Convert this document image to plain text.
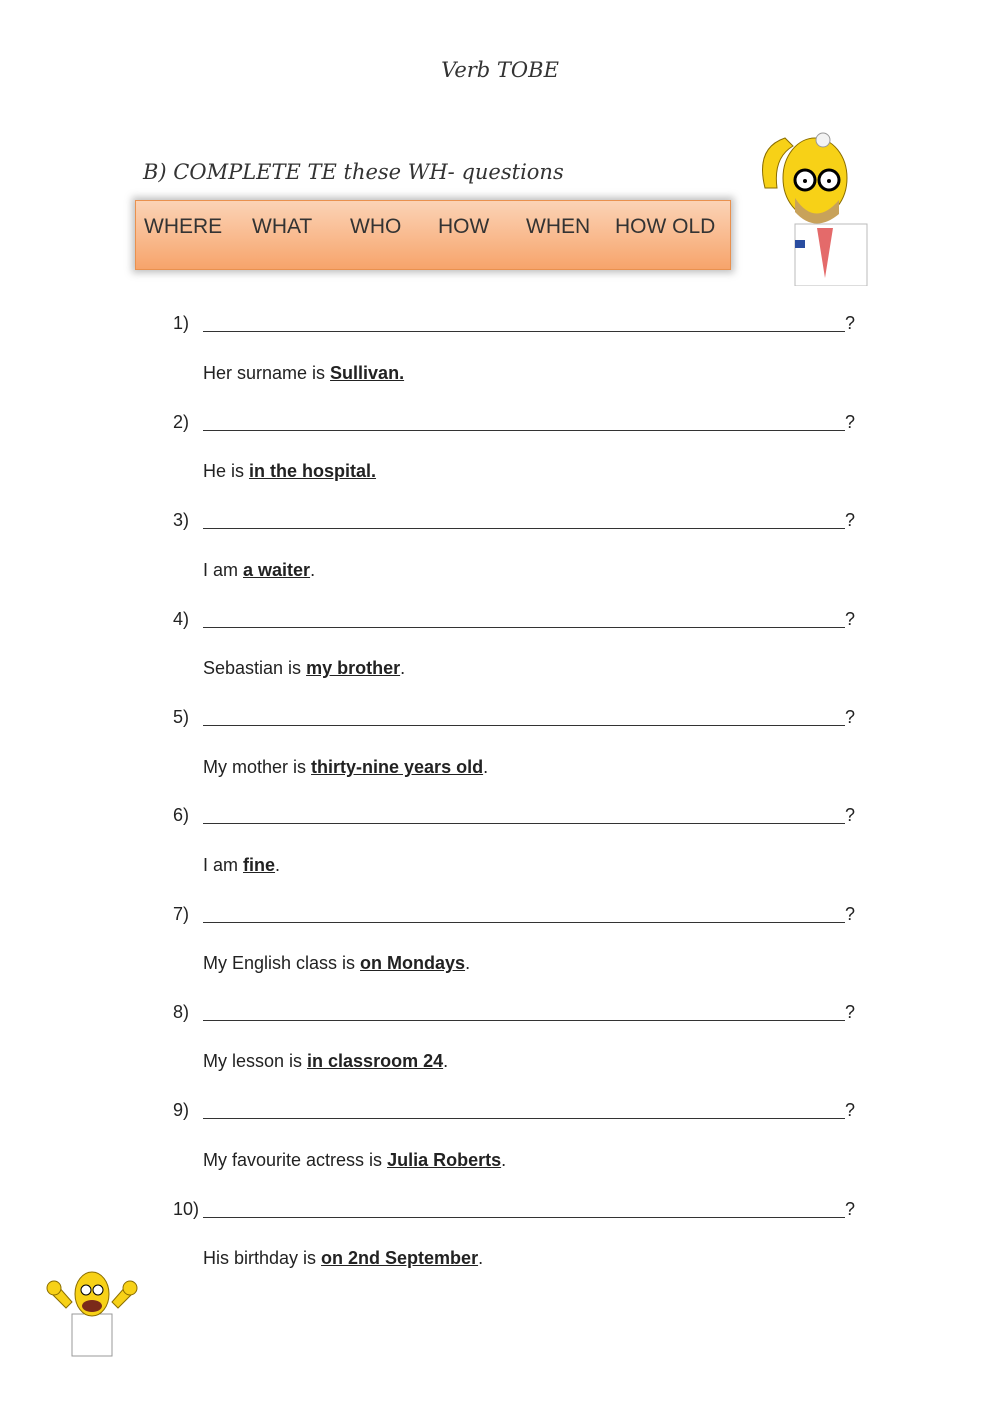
Verb TOBE
B) COMPLETE TE these WH- questions
WHERE WHAT WHO HOW WHEN HOW OLD
1)	?
Her surname is Sullivan.
2)	?
He is in the hospital.
3)	?
I am a waiter.
4)	?
Sebastian is my brother.
5)	?
My mother is thirty-nine years old.
6)	?
I am fine.
7)	?
My English class is on Mondays.
8)	?
My lesson is in classroom 24.
9)	?
My favourite actress is Julia Roberts.
10)	?
His birthday is on 2nd September.
